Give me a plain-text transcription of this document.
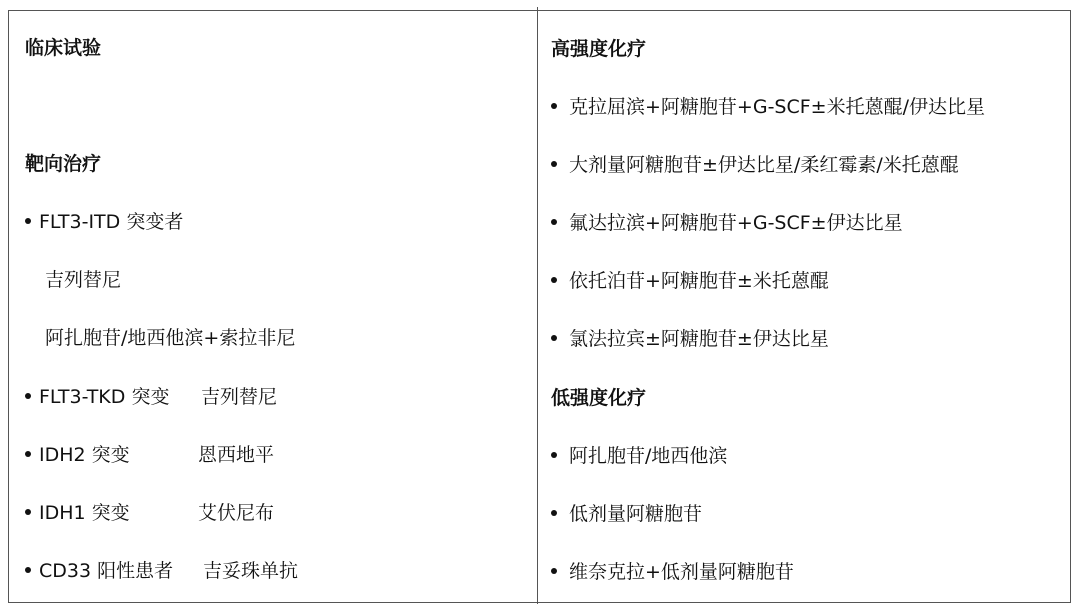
临床试验
靶向治疗
FLT3-ITD 突变者
吉列替尼
阿扎胞苷/地西他滨+索拉非尼
FLT3-TKD 突变 吉列替尼
IDH2 突变	恩西地平
IDH1 突变	艾伏尼布
CD33 阳性患者 吉妥珠单抗
高强度化疗
克拉屈滨+阿糖胞苷+G-SCF±米托蒽醌/伊达比星
大剂量阿糖胞苷±伊达比星/柔红霉素/米托蒽醌
氟达拉滨+阿糖胞苷+G-SCF±伊达比星
依托泊苷+阿糖胞苷±米托蒽醌
氯法拉宾±阿糖胞苷±伊达比星
低强度化疗
阿扎胞苷/地西他滨
低剂量阿糖胞苷
维奈克拉+低剂量阿糖胞苷
